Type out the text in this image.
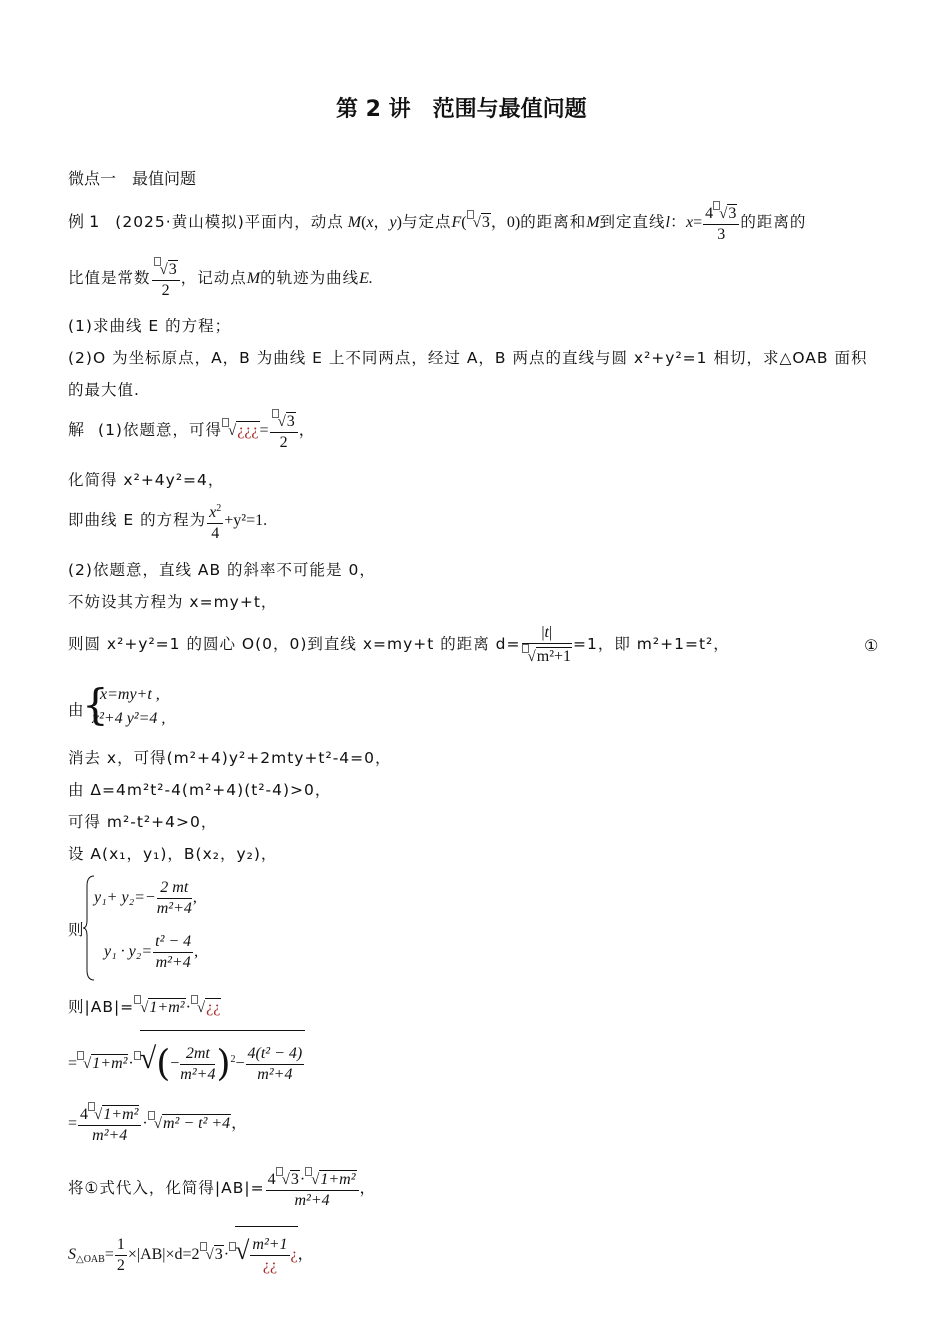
第 2 讲　范围与最值问题
微点一　最值问题
例 1 (2025·黄山模拟)平面内，动点 M(x，y)与定点F( √3，0)的距离和M到定直线l：$x= \frac{4 √3}{3}$ 的距离的
比值是常数 $\frac{√3}{2}$ ，记动点M的轨迹为曲线E.
(1)求曲线 E 的方程；
(2)O 为坐标原点，A，B 为曲线 E 上不同两点，经过 A，B 两点的直线与圆 x²+y²=1 相切，求△OAB 面积
的最大值.
解 (1)依题意，可得 √¿¿¿= $\frac{√3}{2}$ ，
化简得 x²+4y²=4，
即曲线 E 的方程为 $\frac{x^2}{4} +y^2=1$.
(2)依题意，直线 AB 的斜率不可能是 0，
不妨设其方程为 x=my+t，
则圆 x²+y²=1 的圆心 O(0，0)到直线 x=my+t 的距离 $d= \frac{|t|}{\text{√m²+1}} =1$，即 m²+1=t²，	①
由
{
x=my+t ,
x²+4 y²=4 ,
消去 x，可得(m²+4)y²+2mty+t²-4=0，
由 Δ=4m²t²-4(m²+4)(t²-4)>0，
可得 m²-t²+4>0，
设 A(x₁，y₁)，B(x₂，y₂)，
则
$y_1+ y_2=- \frac{2 mt}{\text{m²+4}}$ ,
$y_1 \cdot y_2= \frac{\text{t² − 4}}{\text{m²+4}}$ ,
则|AB|= √1+m²· √¿¿
= √1+m²· √(− $\frac{2mt}{\text{m²+4}} )^2- \frac{\text{4(t² − 4)}}{\text{m²+4}}$
= $\frac{\text{4 √1+m²}}{\text{m²+4}} \cdot √m^2 - t^2 +4$，
将①式代入，化简得$|AB|= \frac{\text{4 √3· √1+m²}}{\text{m²+4}}$ ，
$S_{\triangle OAB}= \frac{1}{2} \times|AB|\times d=2$ √3· √ $\frac{\text{m²+1}}{¿¿}$ ¿，
